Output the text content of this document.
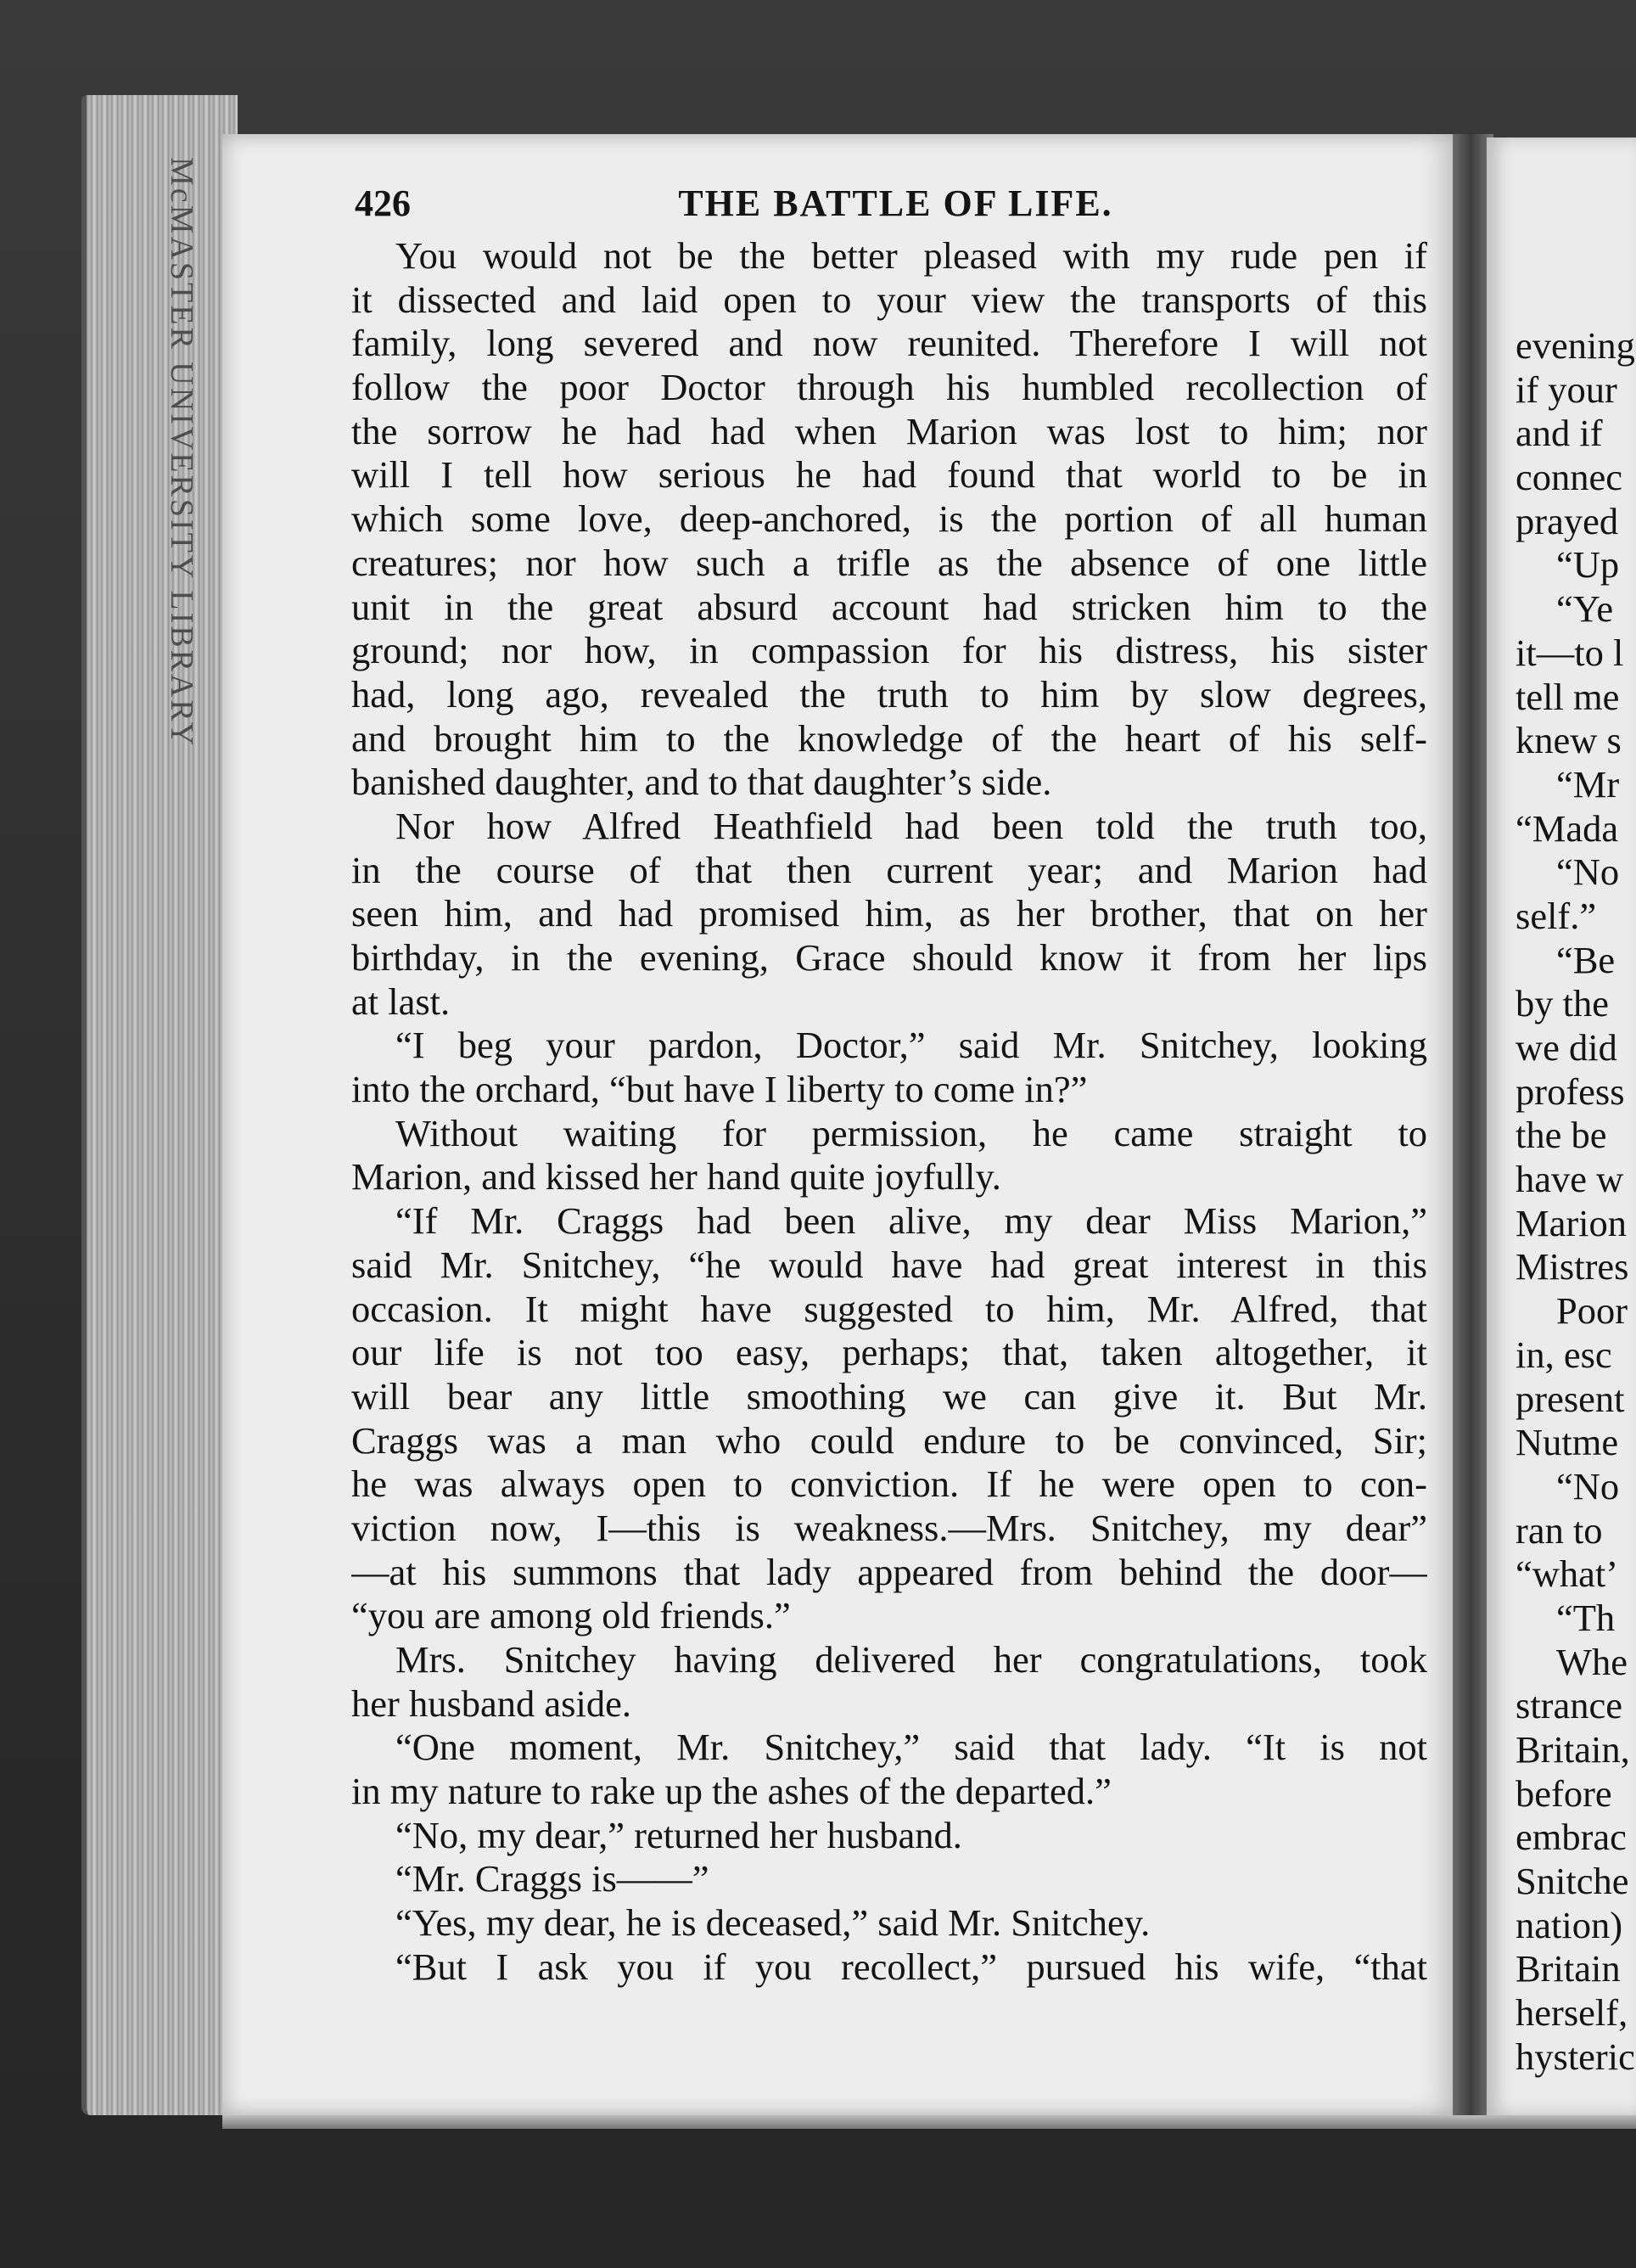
McMASTER UNIVERSITY LIBRARY	426	THE BATTLE OF LIFE.
You would not be the better pleased with my rude pen if
it dissected and laid open to your view the transports of this
family, long severed and now reunited. Therefore I will not
follow the poor Doctor through his humbled recollection of
the sorrow he had had when Marion was lost to him; nor
will I tell how serious he had found that world to be in
which some love, deep-anchored, is the portion of all human
creatures; nor how such a trifle as the absence of one little
unit in the great absurd account had stricken him to the
ground; nor how, in compassion for his distress, his sister
had, long ago, revealed the truth to him by slow degrees,
and brought him to the knowledge of the heart of his self-
banished daughter, and to that daughter’s side.
Nor how Alfred Heathfield had been told the truth too,
in the course of that then current year; and Marion had
seen him, and had promised him, as her brother, that on her
birthday, in the evening, Grace should know it from her lips
at last.
“I beg your pardon, Doctor,” said Mr. Snitchey, looking
into the orchard, “but have I liberty to come in?”
Without waiting for permission, he came straight to
Marion, and kissed her hand quite joyfully.
“If Mr. Craggs had been alive, my dear Miss Marion,”
said Mr. Snitchey, “he would have had great interest in this
occasion. It might have suggested to him, Mr. Alfred, that
our life is not too easy, perhaps; that, taken altogether, it
will bear any little smoothing we can give it. But Mr.
Craggs was a man who could endure to be convinced, Sir;
he was always open to conviction. If he were open to con-
viction now, I—this is weakness.—Mrs. Snitchey, my dear”
—at his summons that lady appeared from behind the door—
“you are among old friends.”
Mrs. Snitchey having delivered her congratulations, took
her husband aside.
“One moment, Mr. Snitchey,” said that lady. “It is not
in my nature to rake up the ashes of the departed.”
“No, my dear,” returned her husband.
“Mr. Craggs is——”
“Yes, my dear, he is deceased,” said Mr. Snitchey.
“But I ask you if you recollect,” pursued his wife, “that
evening
if your
and if
connec
prayed
“Up
“Ye
it—to l
tell me
knew s
“Mr
“Mada
“No
self.”
“Be
by the
we did
profess
the be
have w
Marion
Mistres
Poor
in, esc
present
Nutme
“No
ran to
“what’
“Th
Whe
strance
Britain,
before
embrac
Snitche
nation)
Britain
herself,
hysteric
